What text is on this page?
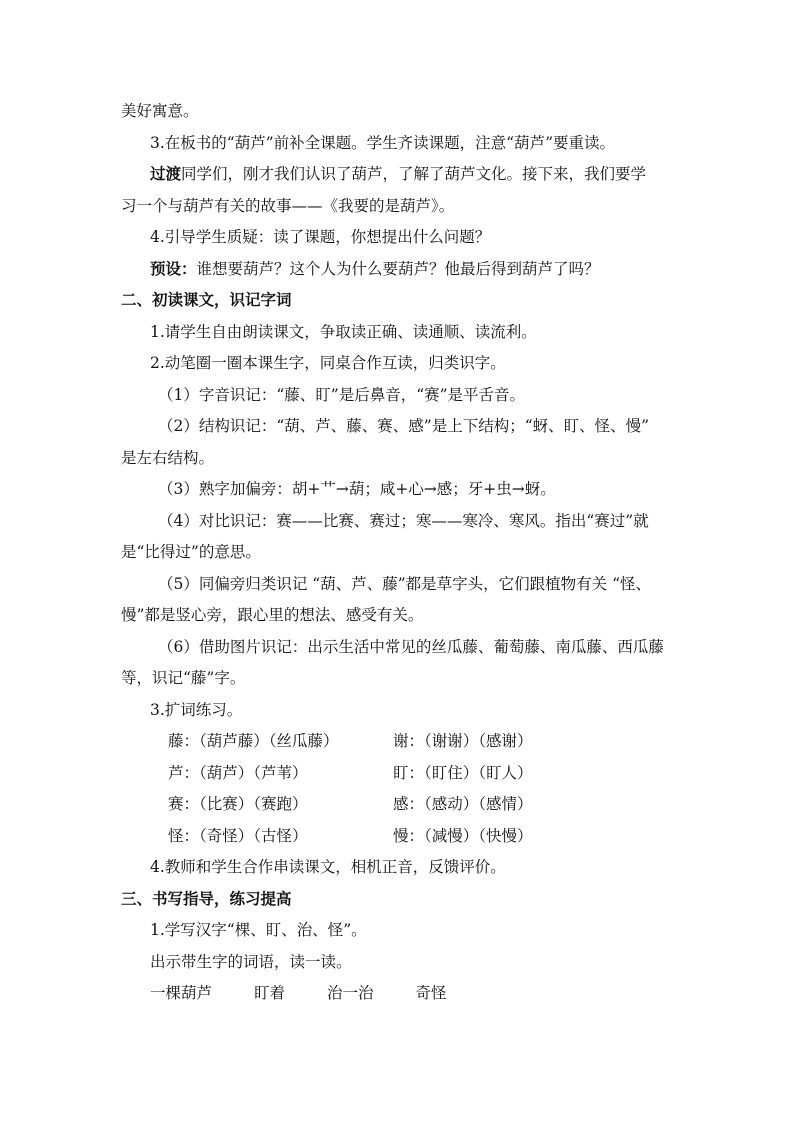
美好寓意。
3.在板书的“葫芦”前补全课题。学生齐读课题，注意“葫芦”要重读。
过渡同学们，刚才我们认识了葫芦，了解了葫芦文化。接下来，我们要学
习一个与葫芦有关的故事——《我要的是葫芦》。
4.引导学生质疑：读了课题，你想提出什么问题？
预设：谁想要葫芦？这个人为什么要葫芦？他最后得到葫芦了吗？
二、初读课文，识记字词
1.请学生自由朗读课文，争取读正确、读通顺、读流利。
2.动笔圈一圈本课生字，同桌合作互读，归类识字。
（1）字音识记：“藤、盯”是后鼻音，“赛”是平舌音。
（2）结构识记：“葫、芦、藤、赛、感”是上下结构；“蚜、盯、怪、慢”
是左右结构。
（3）熟字加偏旁：胡+艹→葫；咸+心→感；牙+虫→蚜。
（4）对比识记：赛——比赛、赛过；寒——寒冷、寒风。指出“赛过”就
是“比得过”的意思。
（5）同偏旁归类识记 “葫、芦、藤”都是草字头，它们跟植物有关 “怪、
慢”都是竖心旁，跟心里的想法、感受有关。
（6）借助图片识记：出示生活中常见的丝瓜藤、葡萄藤、南瓜藤、西瓜藤
等，识记“藤”字。
3.扩词练习。
藤：（葫芦藤）（丝瓜藤）	谢：（谢谢）（感谢）
芦：（葫芦）（芦苇）	盯：（盯住）（盯人）
赛：（比赛）（赛跑）	感：（感动）（感情）
怪：（奇怪）（古怪）	慢：（减慢）（快慢）
4.教师和学生合作串读课文，相机正音，反馈评价。
三、书写指导，练习提高
1.学写汉字“棵、盯、治、怪”。
出示带生字的词语，读一读。
一棵葫芦	盯着	治一治	奇怪
